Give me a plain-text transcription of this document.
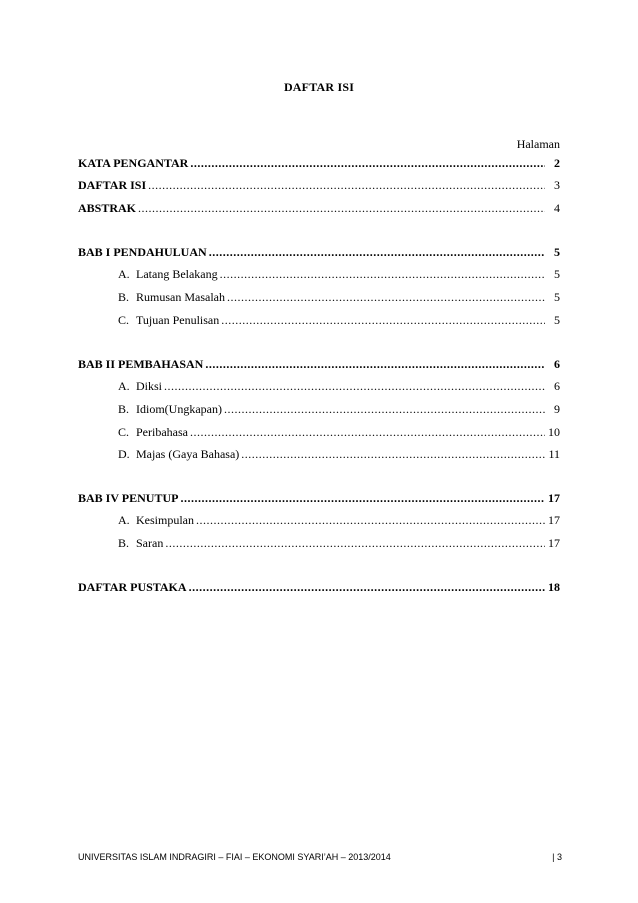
DAFTAR ISI
Halaman
KATA PENGANTAR .....	2
DAFTAR ISI .....	3
ABSTRAK .....	4
BAB I PENDAHULUAN .....	5
A. Latang Belakang .....	5
B. Rumusan Masalah .....	5
C. Tujuan Penulisan .....	5
BAB II PEMBAHASAN .....	6
A. Diksi .....	6
B. Idiom(Ungkapan) .....	9
C. Peribahasa .....	10
D. Majas (Gaya Bahasa) .....	11
BAB IV PENUTUP .....	17
A. Kesimpulan .....	17
B. Saran .....	17
DAFTAR PUSTAKA .....	18
UNIVERSITAS ISLAM INDRAGIRI – FIAI – EKONOMI SYARI’AH – 2013/2014	| 3
